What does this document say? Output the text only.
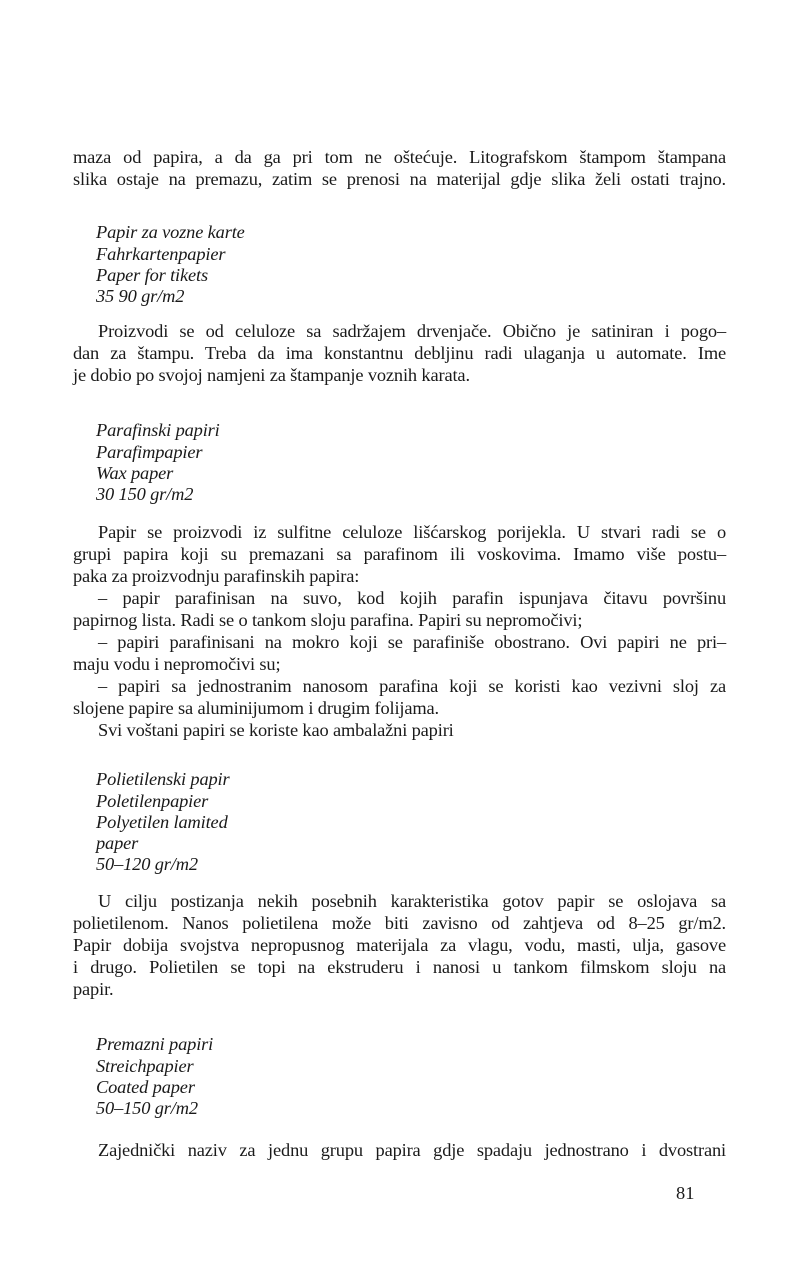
maza od papira, a da ga pri tom ne oštećuje. Litografskom štampom štampana
slika ostaje na premazu, zatim se prenosi na materijal gdje slika želi ostati trajno.
Papir za vozne karte
Fahrkartenpapier
Paper for tikets
35 90 gr/m2
Proizvodi se od celuloze sa sadržajem drvenjače. Obično je satiniran i pogo–
dan za štampu. Treba da ima konstantnu debljinu radi ulaganja u automate. Ime
je dobio po svojoj namjeni za štampanje voznih karata.
Parafinski papiri
Parafimpapier
Wax paper
30 150 gr/m2
Papir se proizvodi iz sulfitne celuloze lišćarskog porijekla. U stvari radi se o
grupi papira koji su premazani sa parafinom ili voskovima. Imamo više postu–
paka za proizvodnju parafinskih papira:
– papir parafinisan na suvo, kod kojih parafin ispunjava čitavu površinu
papirnog lista. Radi se o tankom sloju parafina. Papiri su nepromočivi;
– papiri parafinisani na mokro koji se parafiniše obostrano. Ovi papiri ne pri–
maju vodu i nepromočivi su;
– papiri sa jednostranim nanosom parafina koji se koristi kao vezivni sloj za
slojene papire sa aluminijumom i drugim folijama.
Svi voštani papiri se koriste kao ambalažni papiri
Polietilenski papir
Poletilenpapier
Polyetilen lamited
paper
50–120 gr/m2
U cilju postizanja nekih posebnih karakteristika gotov papir se oslojava sa
polietilenom. Nanos polietilena može biti zavisno od zahtjeva od 8–25 gr/m2.
Papir dobija svojstva nepropusnog materijala za vlagu, vodu, masti, ulja, gasove
i drugo. Polietilen se topi na ekstruderu i nanosi u tankom filmskom sloju na
papir.
Premazni papiri
Streichpapier
Coated paper
50–150 gr/m2
Zajednički naziv za jednu grupu papira gdje spadaju jednostrano i dvostrani
81
